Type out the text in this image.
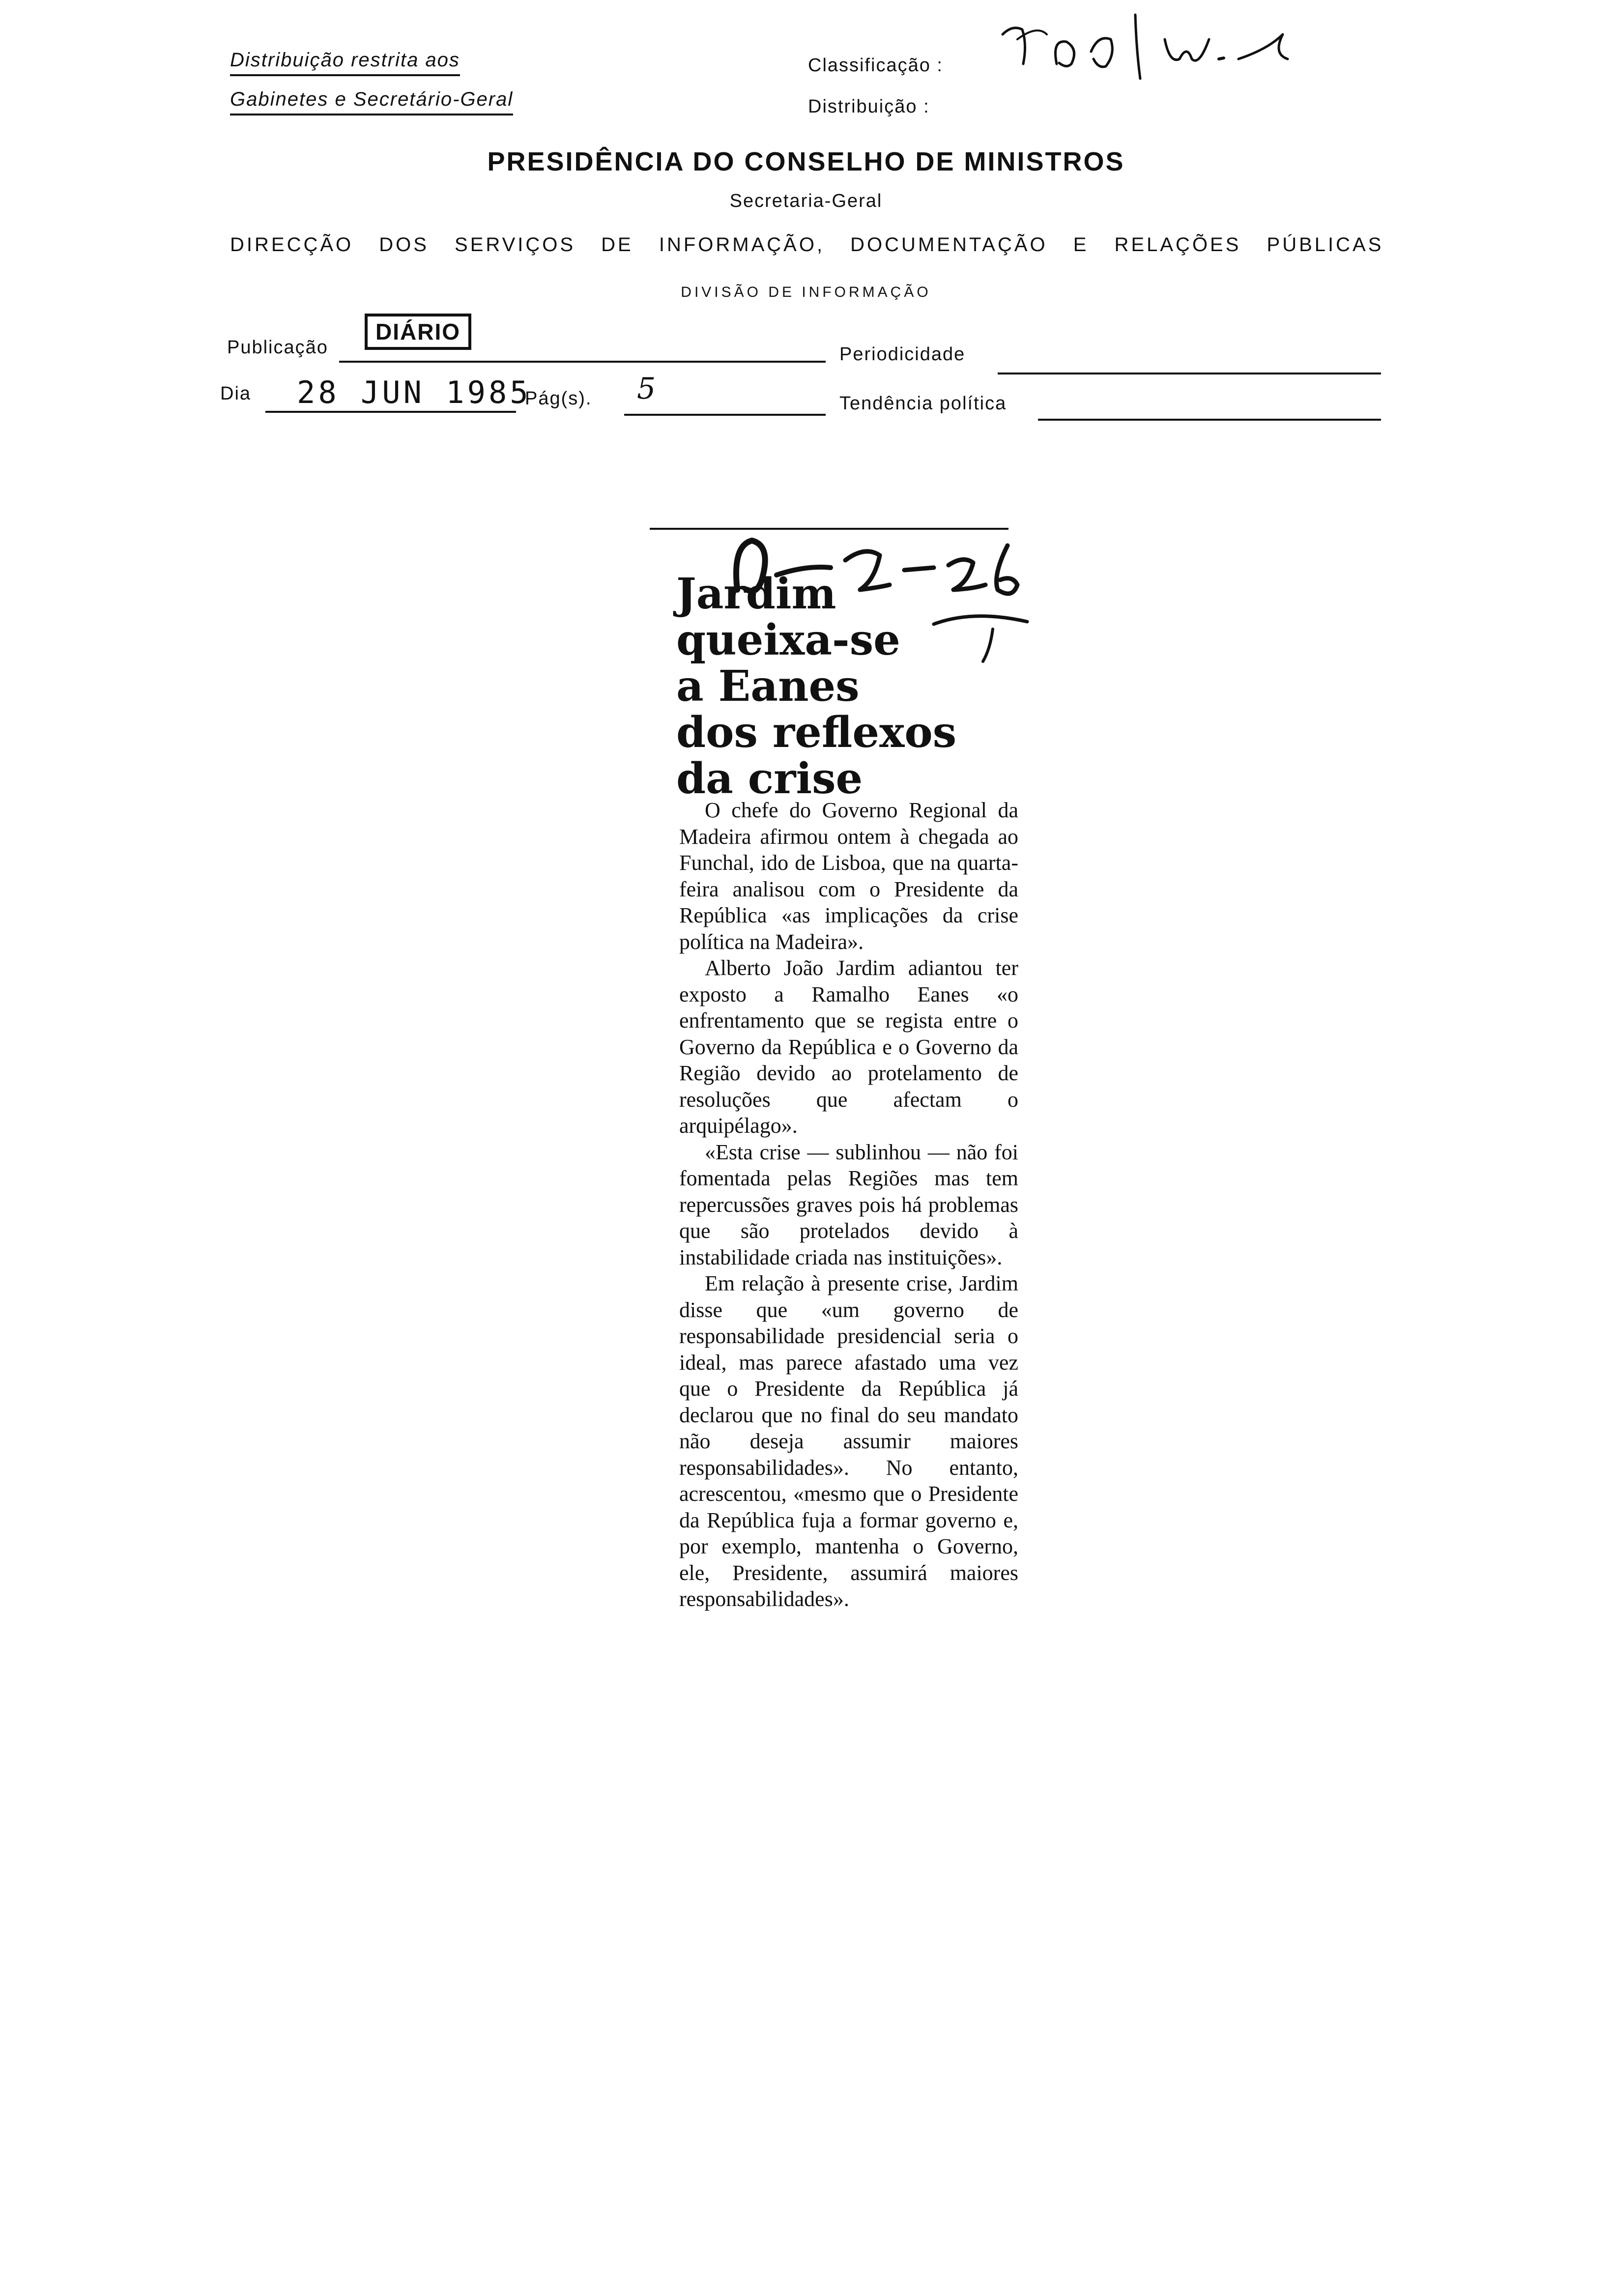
Distribuição restrita aos
Gabinetes e Secretário-Geral
Classificação :
Distribuição :
PRESIDÊNCIA DO CONSELHO DE MINISTROS
Secretaria-Geral
DIRECÇÃO DOS SERVIÇOS DE INFORMAÇÃO, DOCUMENTAÇÃO E RELAÇÕES PÚBLICAS
DIVISÃO DE INFORMAÇÃO
Publicação
DIÁRIO
Periodicidade
Dia 28 JUN 1985
Pág(s). 5	Tendência política
Jardim
queixa-se
a Eanes
dos reflexos
da crise

O chefe do Governo Regional da Madeira afirmou ontem à chegada ao Funchal, ido de Lisboa, que na quarta-feira analisou com o Presidente da República «as implicações da crise política na Madeira».

Alberto João Jardim adiantou ter exposto a Ramalho Eanes «o enfrentamento que se regista entre o Governo da República e o Governo da Região devido ao protelamento de resoluções que afectam o arquipélago».

«Esta crise — sublinhou — não foi fomentada pelas Regiões mas tem repercussões graves pois há problemas que são protelados devido à instabilidade criada nas instituições».

Em relação à presente crise, Jardim disse que «um governo de responsabilidade presidencial seria o ideal, mas parece afastado uma vez que o Presidente da República já declarou que no final do seu mandato não deseja assumir maiores responsabilidades». No entanto, acrescentou, «mesmo que o Presidente da República fuja a formar governo e, por exemplo, mantenha o Governo, ele, Presidente, assumirá maiores responsabilidades».
